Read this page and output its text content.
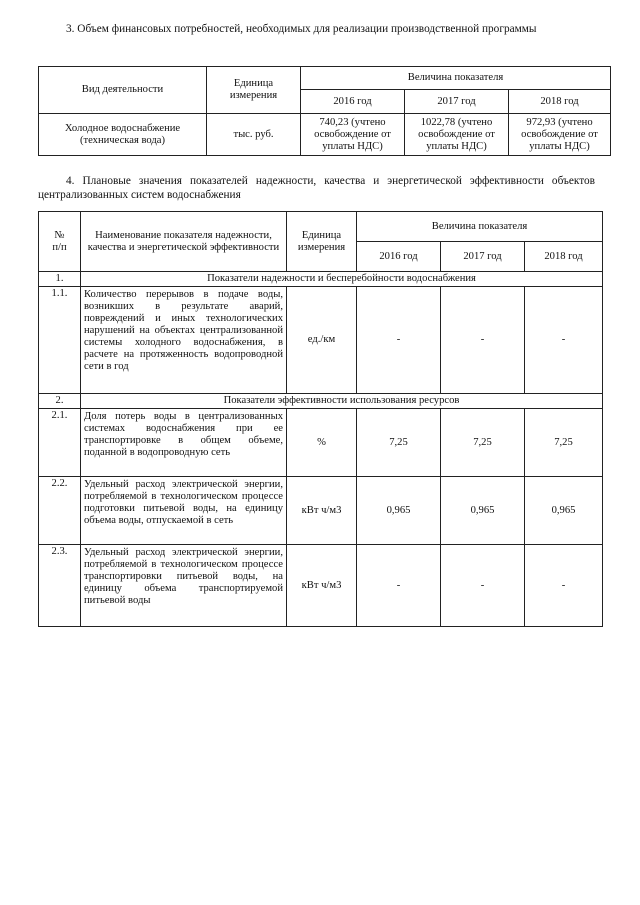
3. Объем финансовых потребностей, необходимых для реализации производственной программы
Вид деятельности	Единица измерения	Величина показателя		
		2016 год	2017 год	2018 год
Холодное водоснабжение (техническая вода)	тыс. руб.	740,23 (учтено освобождение от уплаты НДС)	1022,78 (учтено освобождение от уплаты НДС)	972,93 (учтено освобождение от уплаты НДС)
4. Плановые значения показателей надежности, качества и энергетической эффективности объектов централизованных систем водоснабжения
№
п/п	Наименование показателя надежности, качества и энергетической эффективности	Единица измерения	Величина показателя		
			2016 год	2017 год	2018 год
1.	Показатели надежности и бесперебойности водоснабжения				
1.1.	Количество перерывов в подаче воды, возникших в результате аварий, повреждений и иных технологических нарушений на объектах централизованной системы холодного водоснабжения, в расчете на протяженность водопроводной сети в год	ед./км	-	-	-
2.	Показатели эффективности использования ресурсов				
2.1.	Доля потерь воды в централизованных системах водоснабжения при ее транспортировке в общем объеме, поданной в водопроводную сеть	%	7,25	7,25	7,25
2.2.	Удельный расход электрической энергии, потребляемой в технологическом процессе подготовки питьевой воды, на единицу объема воды, отпускаемой в сеть	кВт ч/м3	0,965	0,965	0,965
2.3.	Удельный расход электрической энергии, потребляемой в технологическом процессе транспортировки питьевой воды, на единицу объема транспортируемой питьевой воды	кВт ч/м3	-	-	-
